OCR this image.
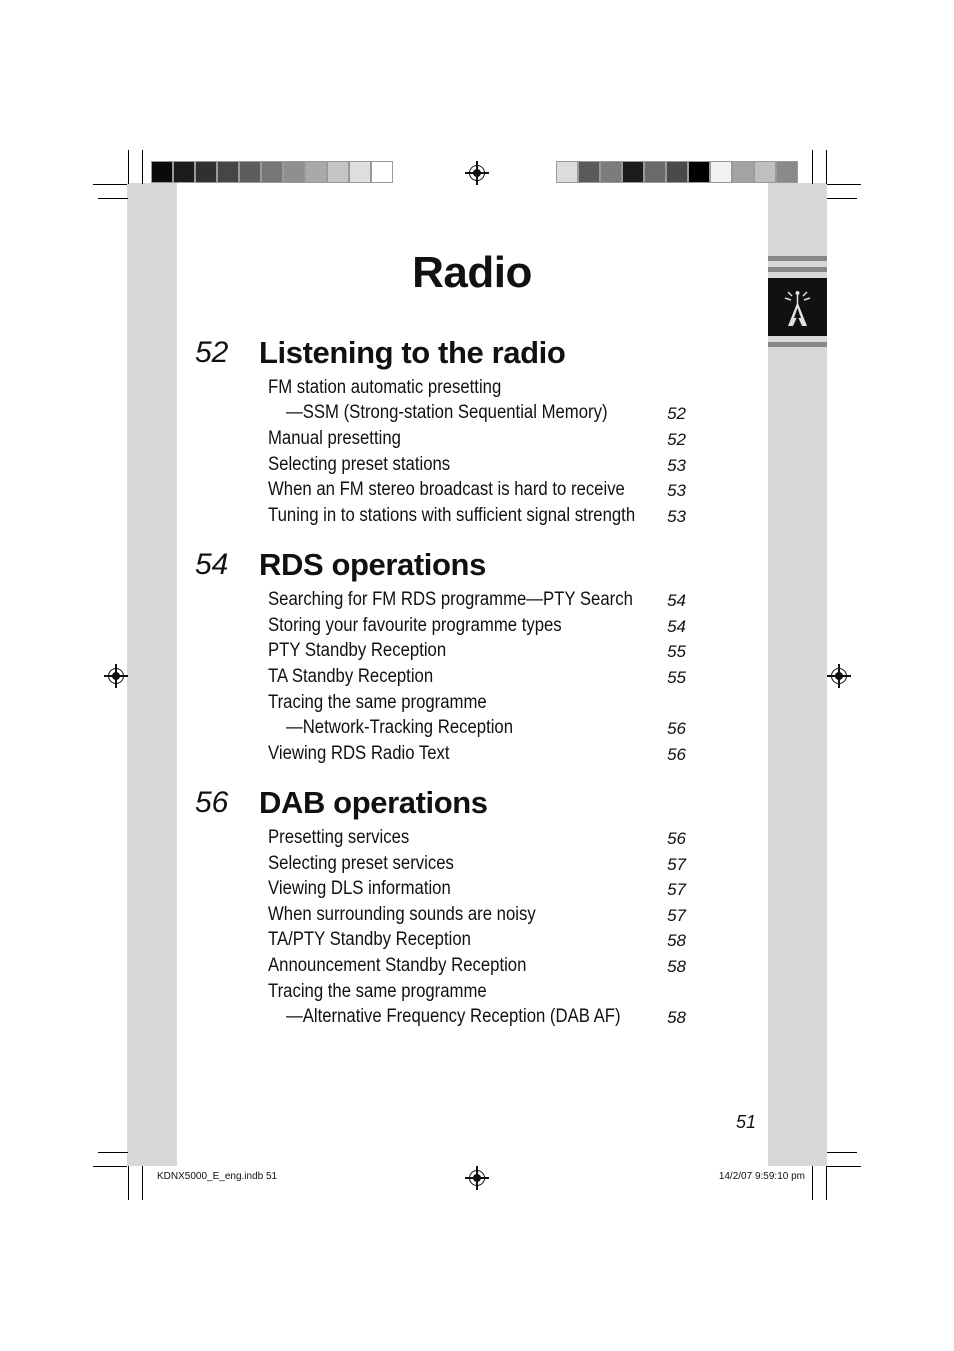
Radio
52 Listening to the radio
FM station automatic presetting
—SSM (Strong-station Sequential Memory)	52
Manual presetting	52
Selecting preset stations	53
When an FM stereo broadcast is hard to receive	53
Tuning in to stations with sufficient signal strength	53
54 RDS operations
Searching for FM RDS programme—PTY Search	54
Storing your favourite programme types	54
PTY Standby Reception	55
TA Standby Reception	55
Tracing the same programme
—Network-Tracking Reception	56
Viewing RDS Radio Text	56
56 DAB operations
Presetting services	56
Selecting preset services	57
Viewing DLS information	57
When surrounding sounds are noisy	57
TA/PTY Standby Reception	58
Announcement Standby Reception	58
Tracing the same programme
—Alternative Frequency Reception (DAB AF)	58
51
KDNX5000_E_eng.indb 51	14/2/07 9:59:10 pm
